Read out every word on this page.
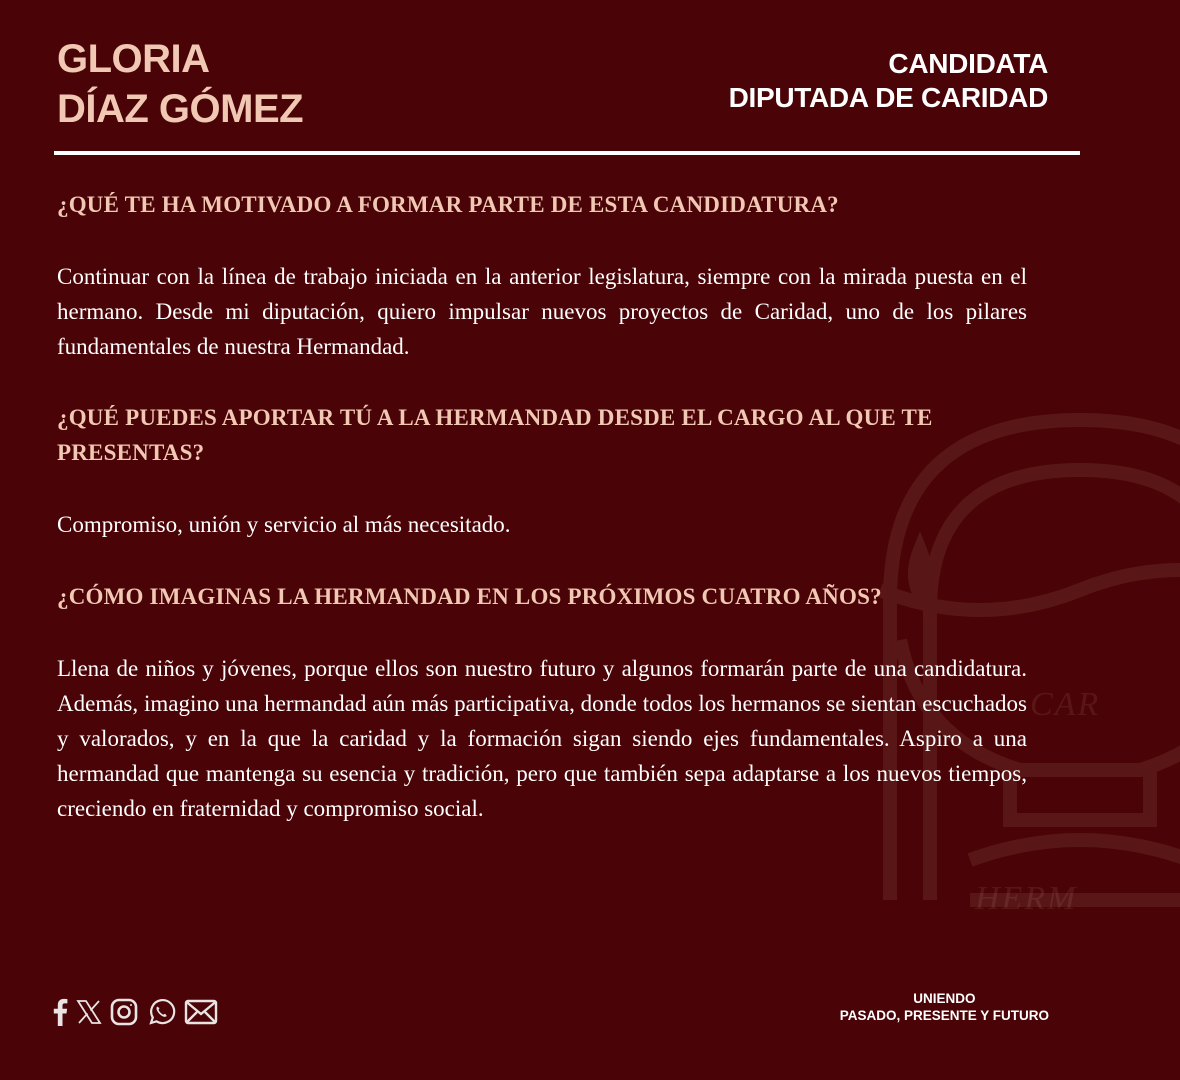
CAR
HERM
GLORIA
DÍAZ GÓMEZ
CANDIDATA
DIPUTADA DE CARIDAD

¿QUÉ TE HA MOTIVADO A FORMAR PARTE DE ESTA CANDIDATURA?

Continuar con la línea de trabajo iniciada en la anterior legislatura, siempre con la mirada puesta en el hermano. Desde mi diputación, quiero impulsar nuevos proyectos de Caridad, uno de los pilares fundamentales de nuestra Hermandad.

¿QUÉ PUEDES APORTAR TÚ A LA HERMANDAD DESDE EL CARGO AL QUE TE PRESENTAS?

Compromiso, unión y servicio al más necesitado.

¿CÓMO IMAGINAS LA HERMANDAD EN LOS PRÓXIMOS CUATRO AÑOS?

Llena de niños y jóvenes, porque ellos son nuestro futuro y algunos formarán parte de una candidatura. Además, imagino una hermandad aún más participativa, donde todos los hermanos se sientan escuchados y valorados, y en la que la caridad y la formación sigan siendo ejes fundamentales. Aspiro a una hermandad que mantenga su esencia y tradición, pero que también sepa adaptarse a los nuevos tiempos, creciendo en fraternidad y compromiso social.

UNIENDO
PASADO, PRESENTE Y FUTURO
